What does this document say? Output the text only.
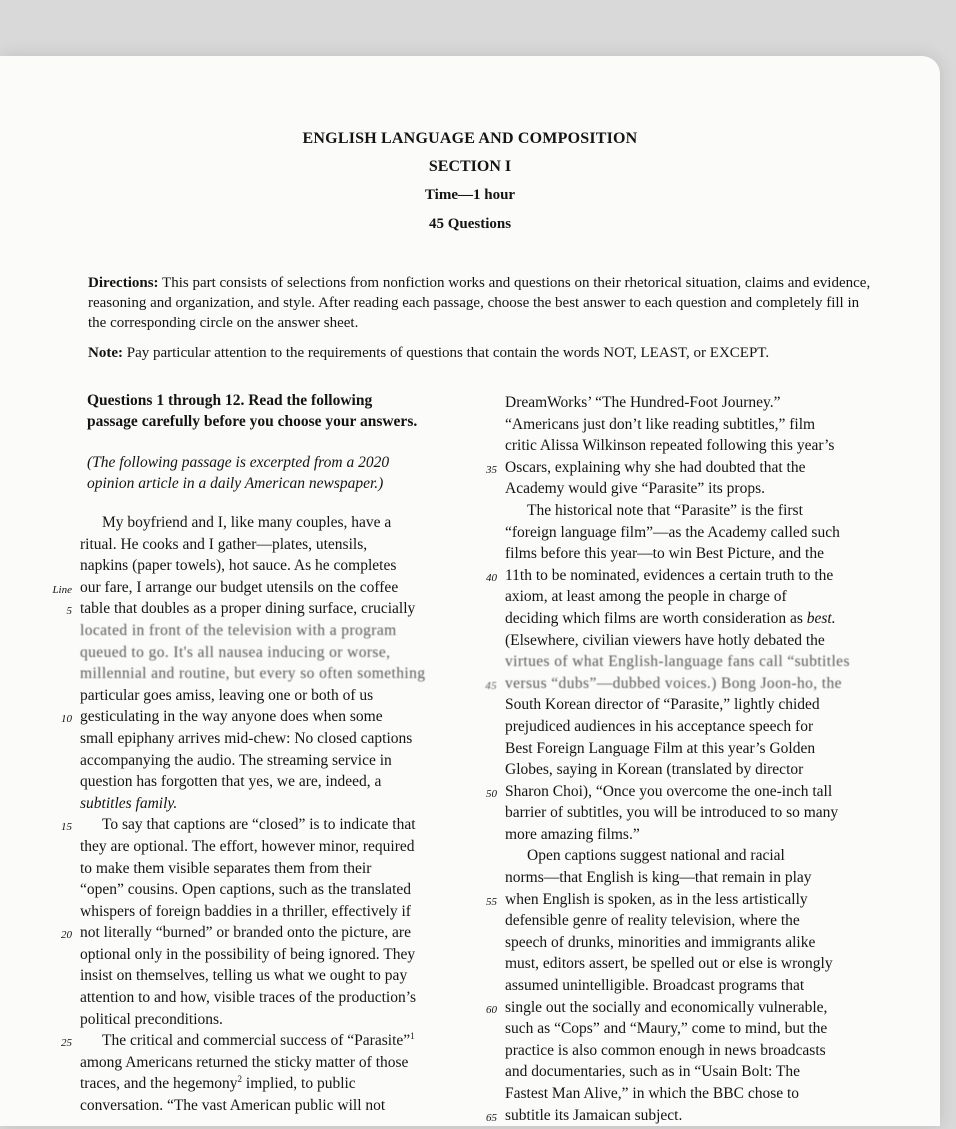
ENGLISH LANGUAGE AND COMPOSITION
SECTION I
Time—1 hour
45 Questions
Directions: This part consists of selections from nonfiction works and questions on their rhetorical situation, claims and evidence, reasoning and organization, and style. After reading each passage, choose the best answer to each question and completely fill in the corresponding circle on the answer sheet.
Note: Pay particular attention to the requirements of questions that contain the words NOT, LEAST, or EXCEPT.
Questions 1 through 12. Read the following
passage carefully before you choose your answers.
(The following passage is excerpted from a 2020
opinion article in a daily American newspaper.)
My boyfriend and I, like many couples, have a
ritual. He cooks and I gather—plates, utensils,
napkins (paper towels), hot sauce. As he completes
Line our fare, I arrange our budget utensils on the coffee
5 table that doubles as a proper dining surface, crucially
located in front of the television with a program
queued to go. It's all nausea inducing or worse,
millennial and routine, but every so often something
particular goes amiss, leaving one or both of us
10 gesticulating in the way anyone does when some
small epiphany arrives mid-chew: No closed captions
accompanying the audio. The streaming service in
question has forgotten that yes, we are, indeed, a
subtitles family.
15 To say that captions are “closed” is to indicate that
they are optional. The effort, however minor, required
to make them visible separates them from their
“open” cousins. Open captions, such as the translated
whispers of foreign baddies in a thriller, effectively if
20 not literally “burned” or branded onto the picture, are
optional only in the possibility of being ignored. They
insist on themselves, telling us what we ought to pay
attention to and how, visible traces of the production’s
political preconditions.
25 The critical and commercial success of “Parasite”$^1$
among Americans returned the sticky matter of those
traces, and the hegemony$^2$ implied, to public
conversation. “The vast American public will not
DreamWorks’ “The Hundred-Foot Journey.”
“Americans just don’t like reading subtitles,” film
critic Alissa Wilkinson repeated following this year’s
35 Oscars, explaining why she had doubted that the
Academy would give “Parasite” its props.
The historical note that “Parasite” is the first
“foreign language film”—as the Academy called such
films before this year—to win Best Picture, and the
40 11th to be nominated, evidences a certain truth to the
axiom, at least among the people in charge of
deciding which films are worth consideration as best.
(Elsewhere, civilian viewers have hotly debated the
virtues of what English-language fans call “subtitles
45 versus “dubs”—dubbed voices.) Bong Joon-ho, the
South Korean director of “Parasite,” lightly chided
prejudiced audiences in his acceptance speech for
Best Foreign Language Film at this year’s Golden
Globes, saying in Korean (translated by director
50 Sharon Choi), “Once you overcome the one-inch tall
barrier of subtitles, you will be introduced to so many
more amazing films.”
Open captions suggest national and racial
norms—that English is king—that remain in play
55 when English is spoken, as in the less artistically
defensible genre of reality television, where the
speech of drunks, minorities and immigrants alike
must, editors assert, be spelled out or else is wrongly
assumed unintelligible. Broadcast programs that
60 single out the socially and economically vulnerable,
such as “Cops” and “Maury,” come to mind, but the
practice is also common enough in news broadcasts
and documentaries, such as in “Usain Bolt: The
Fastest Man Alive,” in which the BBC chose to
65 subtitle its Jamaican subject.
